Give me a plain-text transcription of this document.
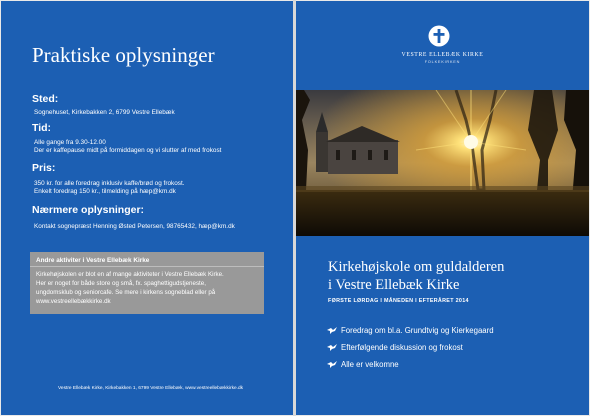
Praktiske oplysninger
Sted:
Sognehuset, Kirkebakken 2, 6799 Vestre Ellebæk
Tid:
Alle gange fra 9.30-12.00
Der er kaffepause midt på formiddagen og vi slutter af med frokost
Pris:
350 kr. for alle foredrag inklusiv kaffe/brød og frokost.
Enkelt foredrag 150 kr., tilmelding på hæp@km.dk
Nærmere oplysninger:
Kontakt sognepræst Henning Østed Petersen, 98765432, hæp@km.dk
Andre aktiviter i Vestre Ellebæk Kirke
Kirkehøjskolen er blot en af mange aktiviteter i Vestre Ellebæk Kirke.
Her er noget for både store og små, fx. spaghettigudstjeneste,
ungdomsklub og seniorcafe. Se mere i kirkens sogneblad eller på
www.vestreellebækkirke.dk
Vestre Ellebæk Kirke, Kirkebakken 1, 6799 Vestre Ellebæk, www.vestreellebækkirke.dk
VESTRE ELLEBÆK KIRKE
FOLKEKIRKEN
Kirkehøjskole om guldalderen
i Vestre Ellebæk Kirke
FØRSTE LØRDAG I MÅNEDEN I EFTERÅRET 2014
Foredrag om bl.a. Grundtvig og Kierkegaard
Efterfølgende diskussion og frokost
Alle er velkomne
